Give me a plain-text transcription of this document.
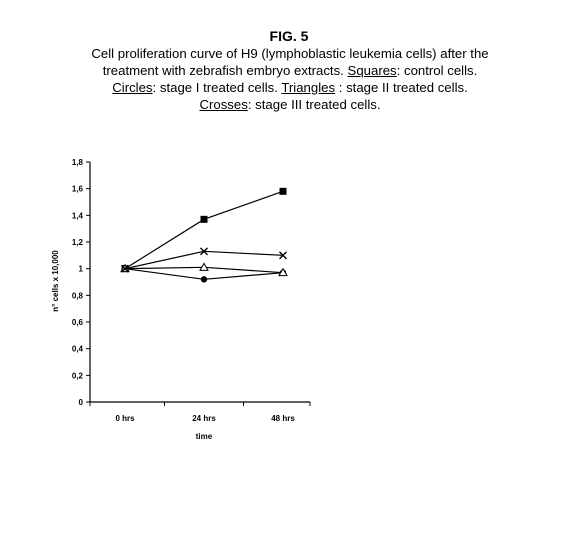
FIG. 5
Cell proliferation curve of H9 (lymphoblastic leukemia cells) after the
treatment with zebrafish embryo extracts. Squares: control cells.
Circles: stage I treated cells. Triangles : stage II treated cells.
Crosses: stage III treated cells.
0
0,2
0,4
0,6
0,8
1
1,2
1,4
1,6
1,8
0 hrs	24 hrs	48 hrs
n° cells x 10,000
time
